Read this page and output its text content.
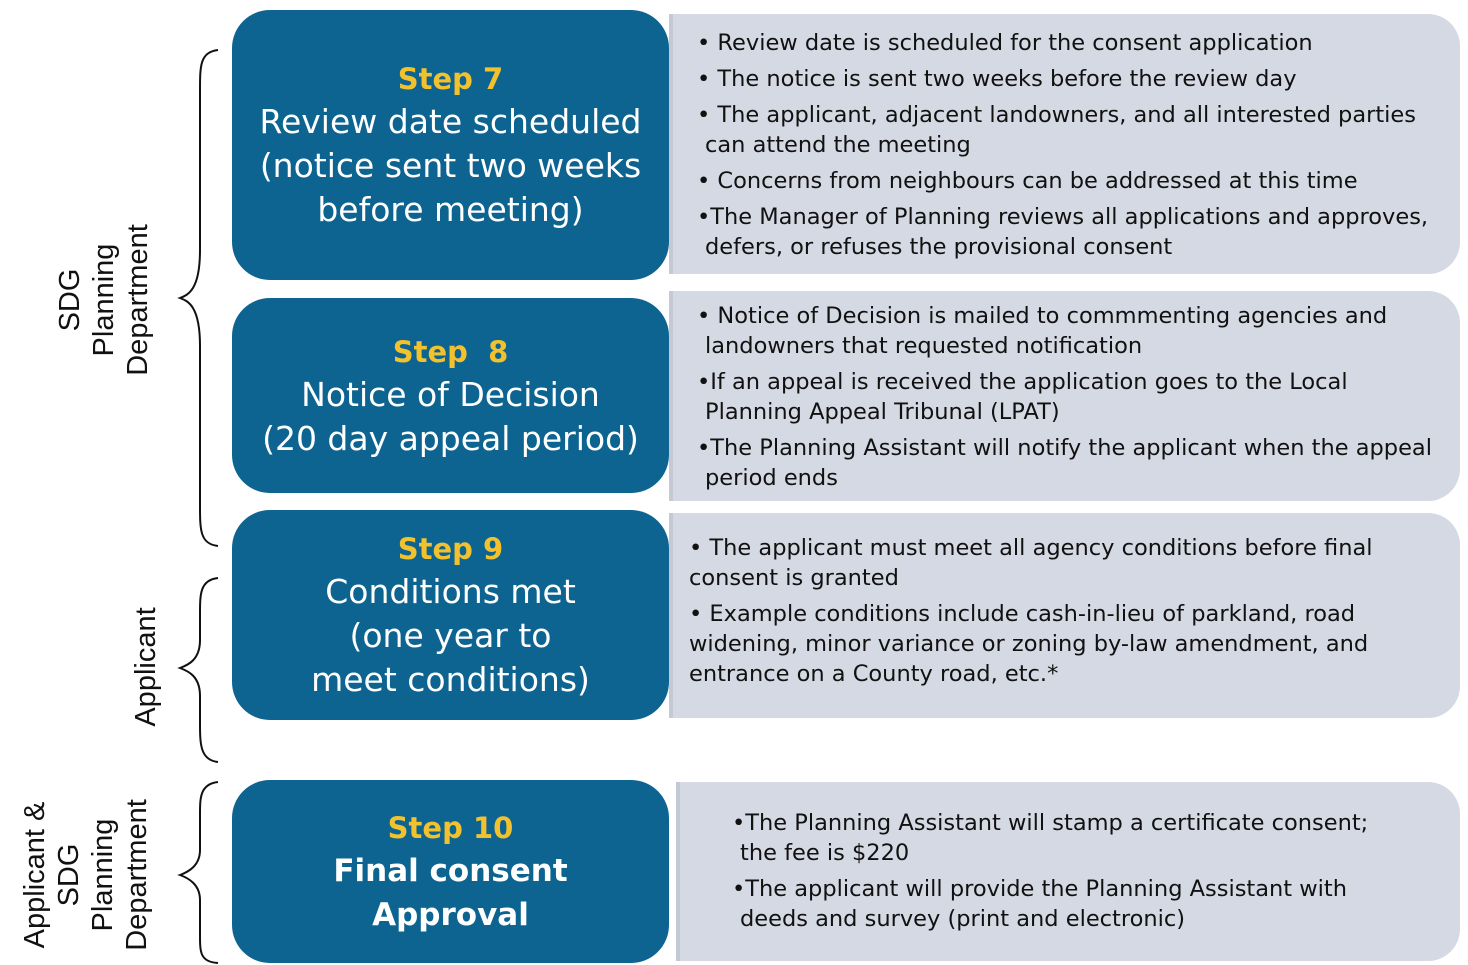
SDG Planning Department
Applicant
Applicant & SDG Planning Department
Step 7
Review date scheduled
(notice sent two weeks
before meeting)
• Review date is scheduled for the consent application
• The notice is sent two weeks before the review day
• The applicant, adjacent landowners, and all interested parties
can attend the meeting
• Concerns from neighbours can be addressed at this time
•The Manager of Planning reviews all applications and approves,
defers, or refuses the provisional consent
Step  8
Notice of Decision
(20 day appeal period)
• Notice of Decision is mailed to commmenting agencies and
landowners that requested notification
•If an appeal is received the application goes to the Local
Planning Appeal Tribunal (LPAT)
•The Planning Assistant will notify the applicant when the appeal
period ends
Step 9
Conditions met
(one year to
meet conditions)
• The applicant must meet all agency conditions before final
consent is granted
• Example conditions include cash-in-lieu of parkland, road
widening, minor variance or zoning by-law amendment, and
entrance on a County road, etc.*
Step 10
Final consent
Approval
•The Planning Assistant will stamp a certificate consent;
the fee is $220
•The applicant will provide the Planning Assistant with
deeds and survey (print and electronic)
